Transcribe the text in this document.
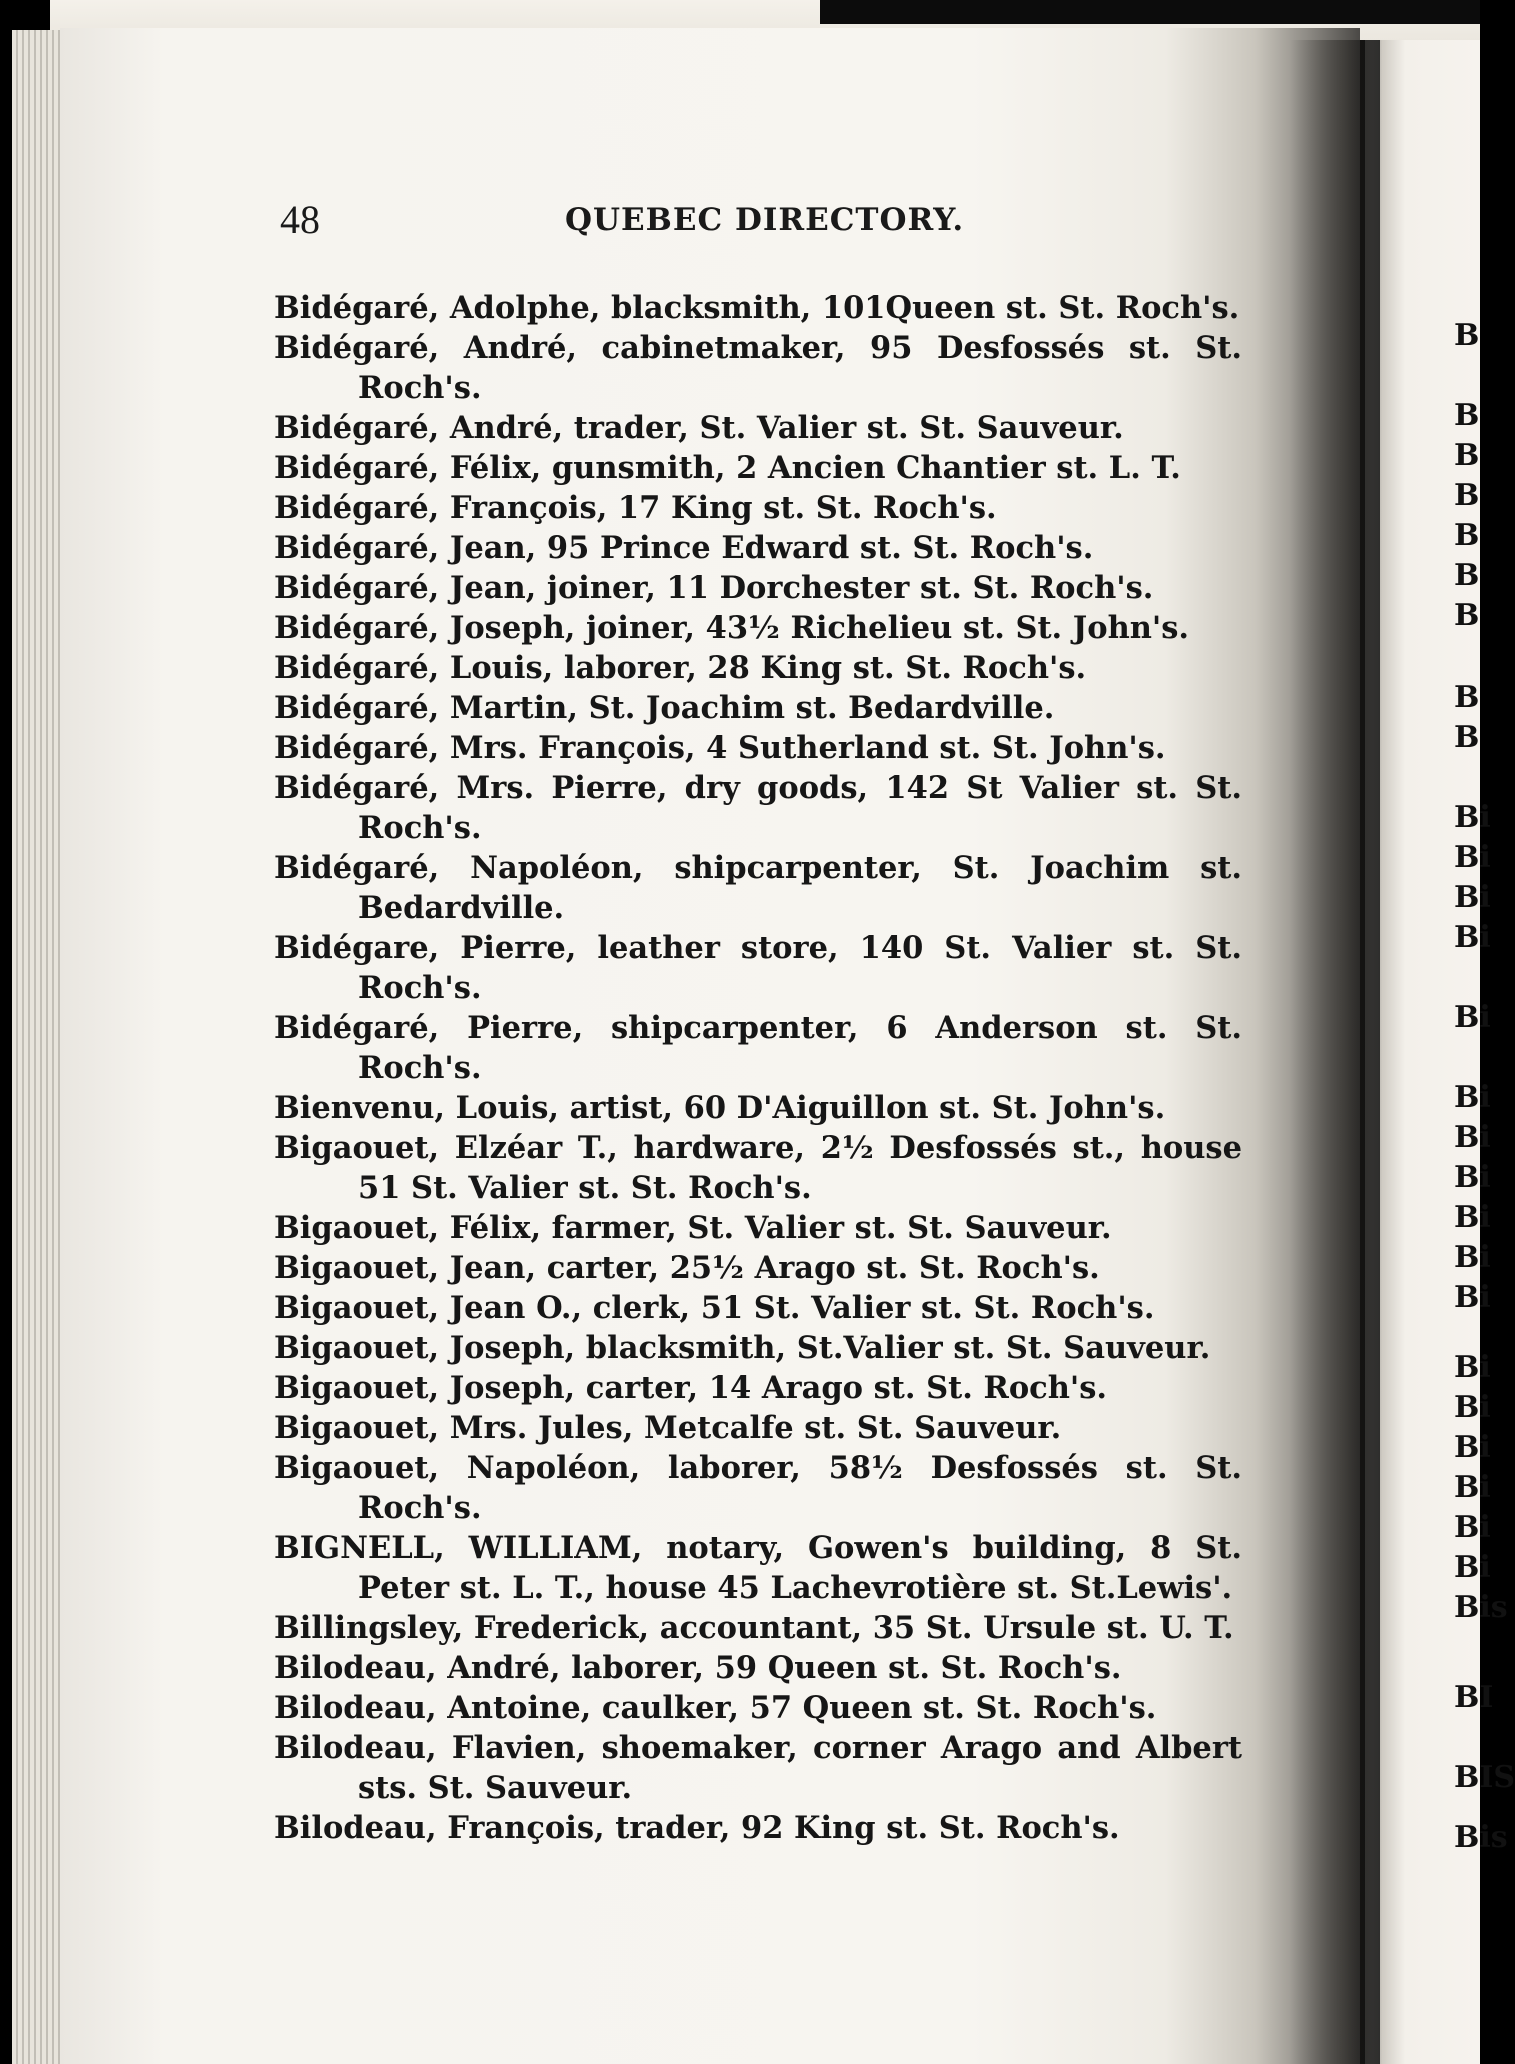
48	QUEBEC DIRECTORY.

Bidégaré, Adolphe, blacksmith, 101Queen st. St. Roch's.

Bidégaré, André, cabinetmaker, 95 Desfossés st. St. Roch's.

Bidégaré, André, trader, St. Valier st. St. Sauveur.

Bidégaré, Félix, gunsmith, 2 Ancien Chantier st. L. T.

Bidégaré, François, 17 King st. St. Roch's.

Bidégaré, Jean, 95 Prince Edward st. St. Roch's.

Bidégaré, Jean, joiner, 11 Dorchester st. St. Roch's.

Bidégaré, Joseph, joiner, 43½ Richelieu st. St. John's.

Bidégaré, Louis, laborer, 28 King st. St. Roch's.

Bidégaré, Martin, St. Joachim st. Bedardville.

Bidégaré, Mrs. François, 4 Sutherland st. St. John's.

Bidégaré, Mrs. Pierre, dry goods, 142 St Valier st. St. Roch's.

Bidégaré, Napoléon, shipcarpenter, St. Joachim st. Bedardville.

Bidégare, Pierre, leather store, 140 St. Valier st. St. Roch's.

Bidégaré, Pierre, shipcarpenter, 6 Anderson st. St. Roch's.

Bienvenu, Louis, artist, 60 D'Aiguillon st. St. John's.

Bigaouet, Elzéar T., hardware, 2½ Desfossés st., house 51 St. Valier st. St. Roch's.

Bigaouet, Félix, farmer, St. Valier st. St. Sauveur.

Bigaouet, Jean, carter, 25½ Arago st. St. Roch's.

Bigaouet, Jean O., clerk, 51 St. Valier st. St. Roch's.

Bigaouet, Joseph, blacksmith, St.Valier st. St. Sauveur.

Bigaouet, Joseph, carter, 14 Arago st. St. Roch's.

Bigaouet, Mrs. Jules, Metcalfe st. St. Sauveur.

Bigaouet, Napoléon, laborer, 58½ Desfossés st. St. Roch's.

BIGNELL, WILLIAM, notary, Gowen's building, 8 St. Peter st. L. T., house 45 Lachevrotière st. St.Lewis'.

Billingsley, Frederick, accountant, 35 St. Ursule st. U. T.

Bilodeau, André, laborer, 59 Queen st. St. Roch's.

Bilodeau, Antoine, caulker, 57 Queen st. St. Roch's.

Bilodeau, Flavien, shoemaker, corner Arago and Albert sts. St. Sauveur.

Bilodeau, François, trader, 92 King st. St. Roch's.

B
B
B
B
B
B
B
B
B
Bi
Bi
Bi
Bi
Bi
Bi
Bi
Bi
Bi
Bi
Bi
Bi
Bi
Bi
Bi
Bi
Bi
Bis
BI
BIS
Bis
